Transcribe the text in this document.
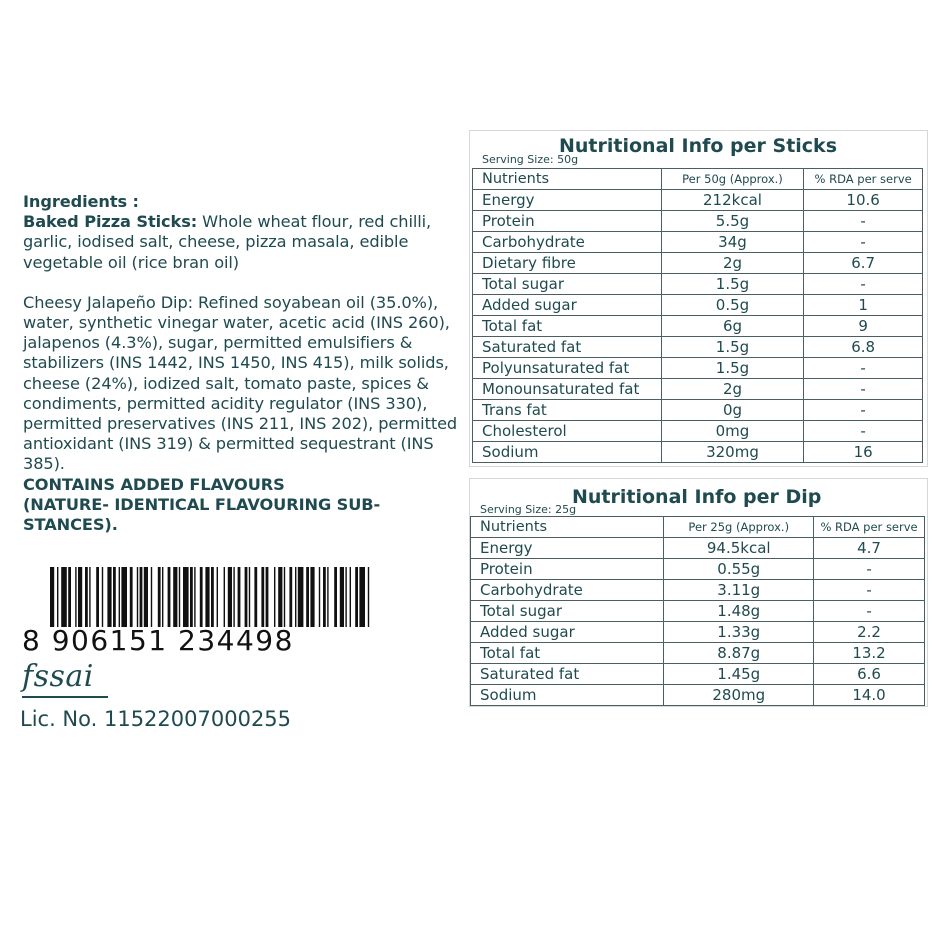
Ingredients :

Baked Pizza Sticks: Whole wheat flour, red chilli, garlic, iodised salt, cheese, pizza masala, edible vegetable oil (rice bran oil)

Cheesy Jalapeño Dip: Refined soyabean oil (35.0%), water, synthetic vinegar water, acetic acid (INS 260), jalapenos (4.3%), sugar, permitted emulsifiers & stabilizers (INS 1442, INS 1450, INS 415), milk solids, cheese (24%), iodized salt, tomato paste, spices & condiments, permitted acidity regulator (INS 330), permitted preservatives (INS 211, INS 202), permitted antioxidant (INS 319) & permitted sequestrant (INS 385).

CONTAINS ADDED FLAVOURS

(NATURE- IDENTICAL FLAVOURING SUB-

STANCES).

8 906151 234498
fssai
Lic. No. 11522007000255
Nutritional Info per Sticks
Serving Size: 50g
Nutrients	Per 50g (Approx.)	% RDA per serve
Energy	212kcal	10.6
Protein	5.5g	-
Carbohydrate	34g	-
Dietary fibre	2g	6.7
Total sugar	1.5g	-
Added sugar	0.5g	1
Total fat	6g	9
Saturated fat	1.5g	6.8
Polyunsaturated fat	1.5g	-
Monounsaturated fat	2g	-
Trans fat	0g	-
Cholesterol	0mg	-
Sodium	320mg	16
Nutritional Info per Dip
Serving Size: 25g
Nutrients	Per 25g (Approx.)	% RDA per serve
Energy	94.5kcal	4.7
Protein	0.55g	-
Carbohydrate	3.11g	-
Total sugar	1.48g	-
Added sugar	1.33g	2.2
Total fat	8.87g	13.2
Saturated fat	1.45g	6.6
Sodium	280mg	14.0
